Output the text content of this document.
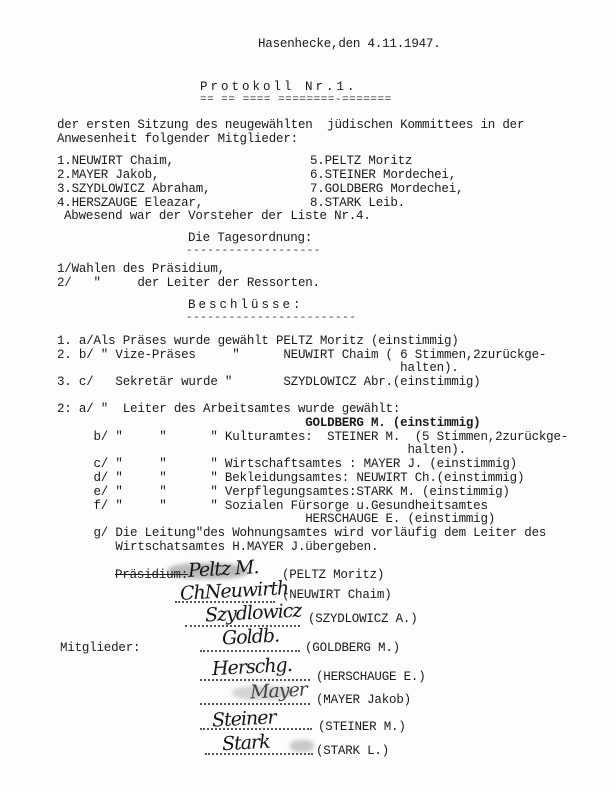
Hasenhecke,den 4.11.1947.
Protokoll Nr.1.
== == ==== ========-=======
der ersten Sitzung des neugewählten  jüdischen Kommittees in der
Anwesenheit folgender Mitglieder:
1.NEUWIRT Chaim,
2.MAYER Jakob,
3.SZYDLOWICZ Abraham,
4.HERSZAUGE Eleazar,
5.PELTZ Moritz
6.STEINER Mordechei,
7.GOLDBERG Mordechei,
8.STARK Leib.
Abwesend war der Vorsteher der Liste Nr.4.
Die Tagesordnung:
-------------------
1/Wahlen des Präsidium,
2/   "     der Leiter der Ressorten.
Beschlüsse:
------------------------
1. a/Als Präses wurde gewählt PELTZ Moritz (einstimmig)
2. b/ " Vize-Präses     "      NEUWIRT Chaim ( 6 Stimmen,2zurückge-
halten).
3. c/   Sekretär wurde "       SZYDLOWICZ Abr.(einstimmig)
2: a/ "  Leiter des Arbeitsamtes wurde gewählt:
GOLDBERG M. (einstimmig)
b/ "     "      " Kulturamtes:  STEINER M.  (5 Stimmen,2zurückge-
halten).
c/ "     "      " Wirtschaftsamtes : MAYER J. (einstimmig)
d/ "     "      " Bekleidungsamtes: NEUWIRT Ch.(einstimmig)
e/ "     "      " Verpflegungsamtes:STARK M. (einstimmig)
f/ "     "      " Sozialen Fürsorge u.Gesundheitsamtes
HERSCHAUGE E. (einstimmig)
g/ Die Leitung"des Wohnungsamtes wird vorläufig dem Leiter des
Wirtschatsamtes H.MAYER J.übergeben.
Präsidium:
Mitglieder:
Peltz M. (PELTZ Moritz)
ChNeuwirth
(NEUWIRT Chaim)
Szydlowicz (SZYDLOWICZ A.)
Goldb. (GOLDBERG M.)
Herschg. (HERSCHAUGE E.)
Mayer (MAYER Jakob)
Steiner	(STEINER M.)
Stark	(STARK L.)
